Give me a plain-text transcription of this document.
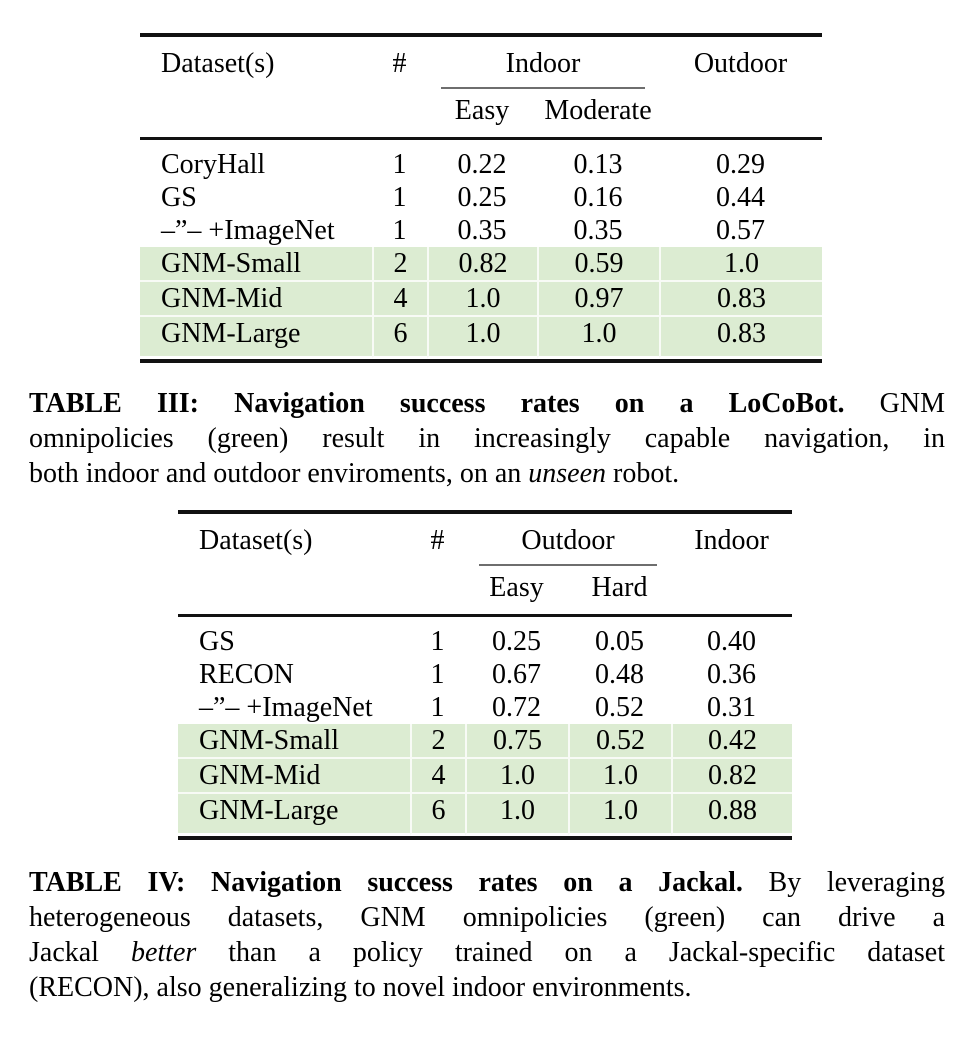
Dataset(s)	#	Indoor		Outdoor
		Easy	Moderate	
CoryHall	1	0.22	0.13	0.29
GS	1	0.25	0.16	0.44
–”– +ImageNet	1	0.35	0.35	0.57
GNM-Small	2	0.82	0.59	1.0
GNM-Mid	4	1.0	0.97	0.83
GNM-Large	6	1.0	1.0	0.83
TABLE III: Navigation success rates on a LoCoBot. GNM
omnipolicies (green) result in increasingly capable navigation, in
both indoor and outdoor enviroments, on an unseen robot.
Dataset(s)	#	Outdoor		Indoor
		Easy	Hard	
GS	1	0.25	0.05	0.40
RECON	1	0.67	0.48	0.36
–”– +ImageNet	1	0.72	0.52	0.31
GNM-Small	2	0.75	0.52	0.42
GNM-Mid	4	1.0	1.0	0.82
GNM-Large	6	1.0	1.0	0.88
TABLE IV: Navigation success rates on a Jackal. By leveraging
heterogeneous datasets, GNM omnipolicies (green) can drive a
Jackal better than a policy trained on a Jackal-specific dataset
(RECON), also generalizing to novel indoor environments.
